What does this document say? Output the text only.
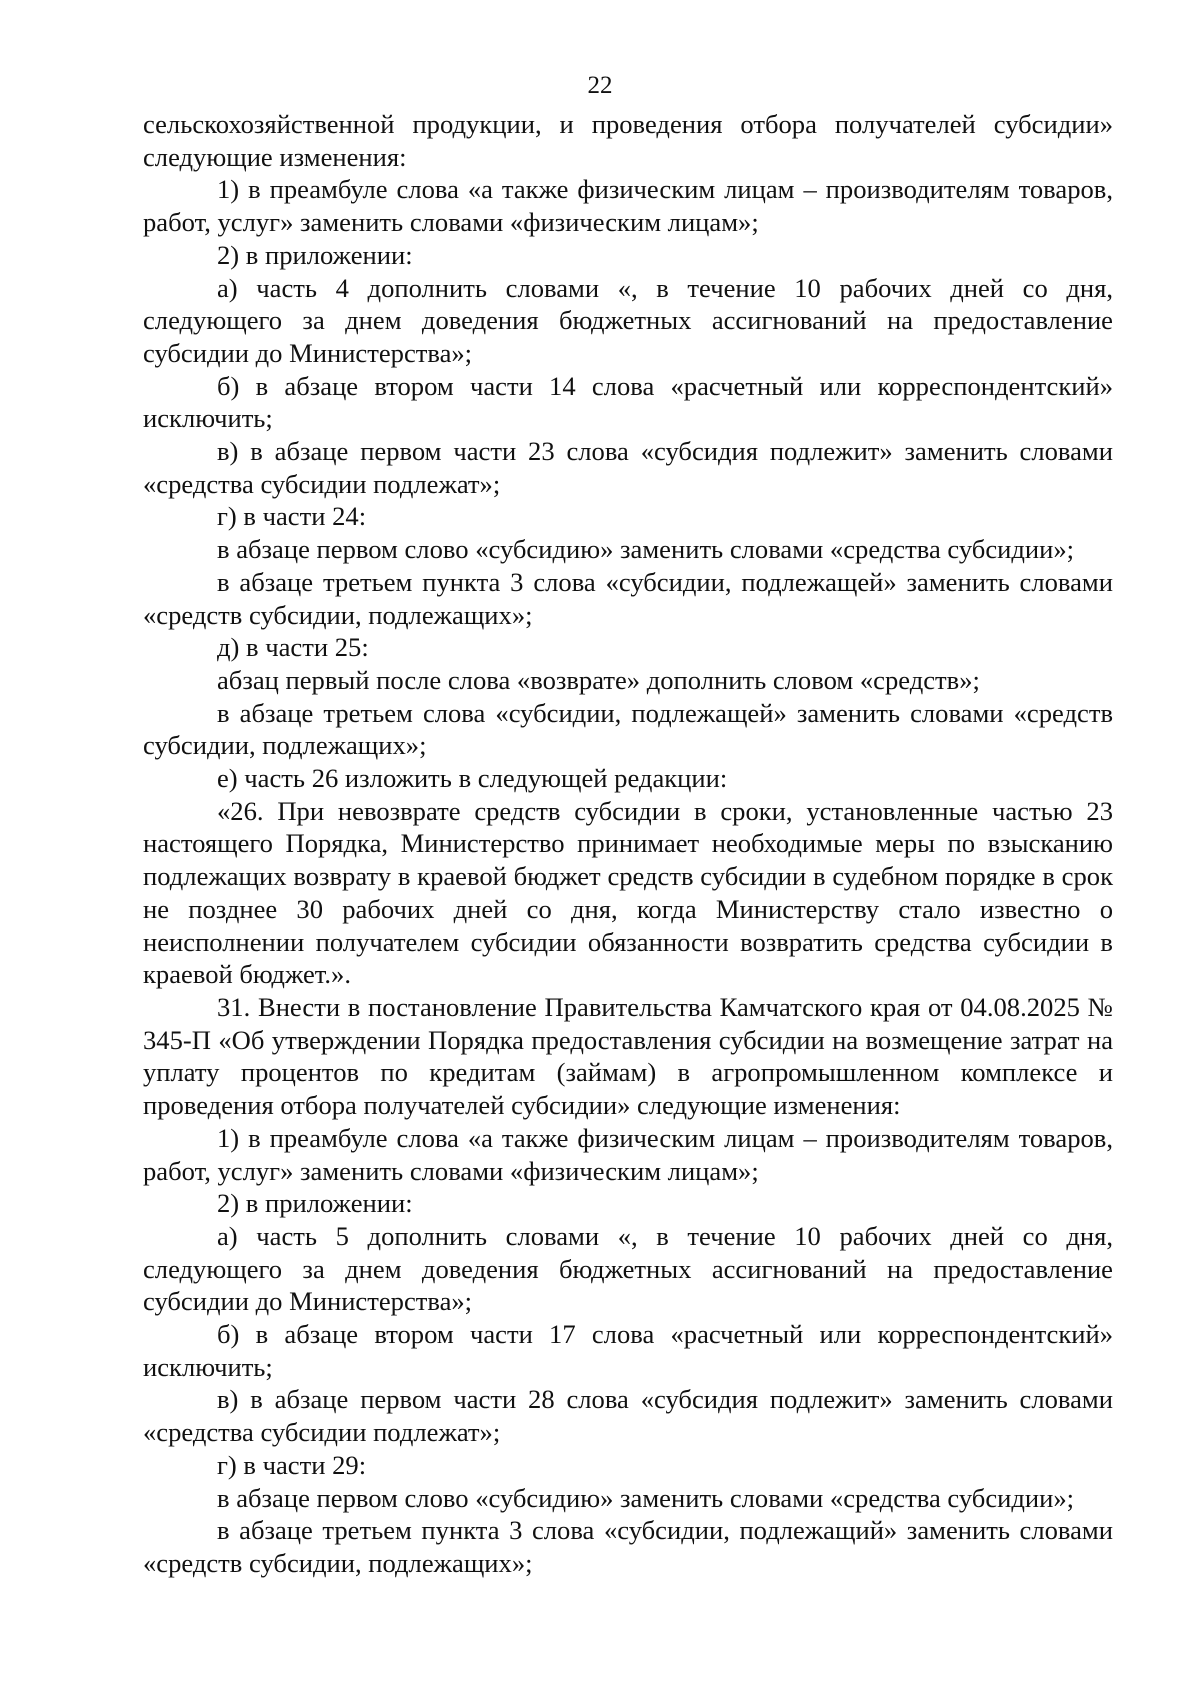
22

сельскохозяйственной продукции, и проведения отбора получателей субсидии» следующие изменения:

1) в преамбуле слова «а также физическим лицам – производителям товаров, работ, услуг» заменить словами «физическим лицам»;

2) в приложении:

а) часть 4 дополнить словами «, в течение 10 рабочих дней со дня, следующего за днем доведения бюджетных ассигнований на предоставление субсидии до Министерства»;

б) в абзаце втором части 14 слова «расчетный или корреспондентский» исключить;

в) в абзаце первом части 23 слова «субсидия подлежит» заменить словами «средства субсидии подлежат»;

г) в части 24:

в абзаце первом слово «субсидию» заменить словами «средства субсидии»;

в абзаце третьем пункта 3 слова «субсидии, подлежащей» заменить словами «средств субсидии, подлежащих»;

д) в части 25:

абзац первый после слова «возврате» дополнить словом «средств»;

в абзаце третьем слова «субсидии, подлежащей» заменить словами «средств субсидии, подлежащих»;

е) часть 26 изложить в следующей редакции:

«26. При невозврате средств субсидии в сроки, установленные частью 23 настоящего Порядка, Министерство принимает необходимые меры по взысканию подлежащих возврату в краевой бюджет средств субсидии в судебном порядке в срок не позднее 30 рабочих дней со дня, когда Министерству стало известно о неисполнении получателем субсидии обязанности возвратить средства субсидии в краевой бюджет.».

31. Внести в постановление Правительства Камчатского края от 04.08.2025 № 345-П «Об утверждении Порядка предоставления субсидии на возмещение затрат на уплату процентов по кредитам (займам) в агропромышленном комплексе и проведения отбора получателей субсидии» следующие изменения:

1) в преамбуле слова «а также физическим лицам – производителям товаров, работ, услуг» заменить словами «физическим лицам»;

2) в приложении:

а) часть 5 дополнить словами «, в течение 10 рабочих дней со дня, следующего за днем доведения бюджетных ассигнований на предоставление субсидии до Министерства»;

б) в абзаце втором части 17 слова «расчетный или корреспондентский» исключить;

в) в абзаце первом части 28 слова «субсидия подлежит» заменить словами «средства субсидии подлежат»;

г) в части 29:

в абзаце первом слово «субсидию» заменить словами «средства субсидии»;

в абзаце третьем пункта 3 слова «субсидии, подлежащий» заменить словами «средств субсидии, подлежащих»;
